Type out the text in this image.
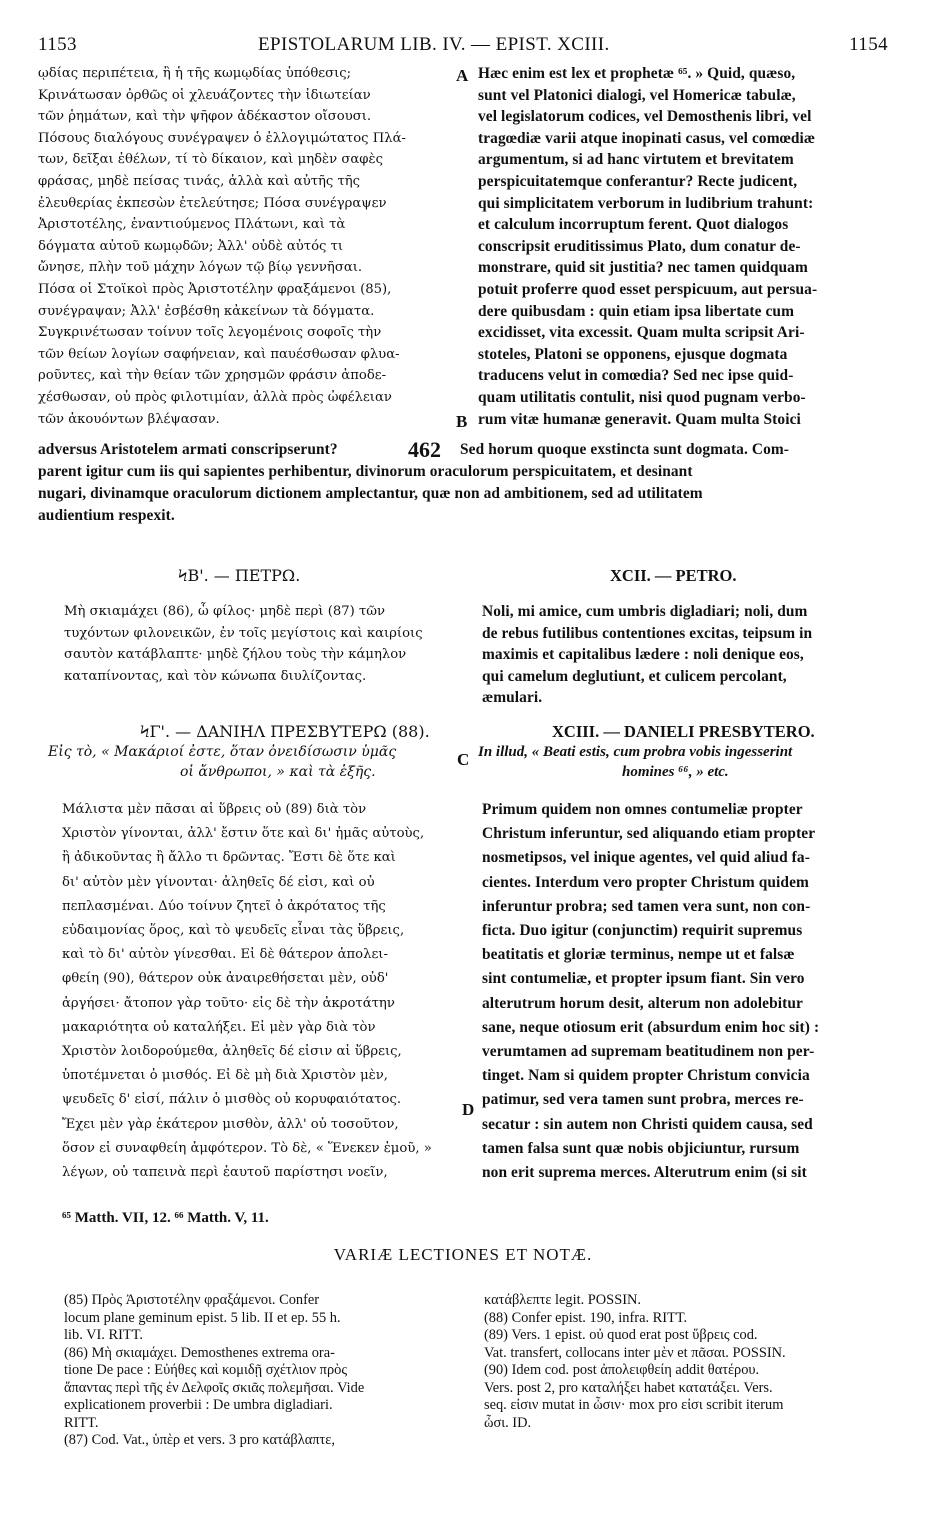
1153	EPISTOLARUM LIB. IV. — EPIST. XCIII.	1154
ῳδίας περιπέτεια, ἢ ἡ τῆς κωμῳδίας ὑπόθεσις;
Κρινάτωσαν ὀρθῶς οἱ χλευάζοντες τὴν ἰδιωτείαν
τῶν ῥημάτων, καὶ τὴν ψῆφον ἀδέκαστον οἴσουσι.
Πόσους διαλόγους συνέγραψεν ὁ ἐλλογιμώτατος Πλά-
των, δεῖξαι ἐθέλων, τί τὸ δίκαιον, καὶ μηδὲν σαφὲς
φράσας, μηδὲ πείσας τινάς, ἀλλὰ καὶ αὐτῆς τῆς
ἐλευθερίας ἐκπεσὼν ἐτελεύτησε; Πόσα συνέγραψεν
Ἀριστοτέλης, ἐναντιούμενος Πλάτωνι, καὶ τὰ
δόγματα αὐτοῦ κωμῳδῶν; Ἀλλ' οὐδὲ αὐτός τι
ὤνησε, πλὴν τοῦ μάχην λόγων τῷ βίῳ γεννῆσαι.
Πόσα οἱ Στοϊκοὶ πρὸς Ἀριστοτέλην φραξάμενοι (85),
συνέγραψαν; Ἀλλ' ἐσβέσθη κἀκείνων τὰ δόγματα.
Συγκρινέτωσαν τοίνυν τοῖς λεγομένοις σοφοῖς τὴν
τῶν θείων λογίων σαφήνειαν, καὶ παυέσθωσαν φλυα-
ροῦντες, καὶ τὴν θείαν τῶν χρησμῶν φράσιν ἀποδε-
χέσθωσαν, οὐ πρὸς φιλοτιμίαν, ἀλλὰ πρὸς ὠφέλειαν
τῶν ἀκουόντων βλέψασαν.
Hæc enim est lex et prophetæ ⁶⁵. » Quid, quæso,
sunt vel Platonici dialogi, vel Homericæ tabulæ,
vel legislatorum codices, vel Demosthenis libri, vel
tragœdiæ varii atque inopinati casus, vel comœdiæ
argumentum, si ad hanc virtutem et brevitatem
perspicuitatemque conferantur? Recte judicent,
qui simplicitatem verborum in ludibrium trahunt:
et calculum incorruptum ferent. Quot dialogos
conscripsit eruditissimus Plato, dum conatur de-
monstrare, quid sit justitia? nec tamen quidquam
potuit proferre quod esset perspicuum, aut persua-
dere quibusdam : quin etiam ipsa libertate cum
excidisset, vita excessit. Quam multa scripsit Ari-
stoteles, Platoni se opponens, ejusque dogmata
traducens velut in comœdia? Sed nec ipse quid-
quam utilitatis contulit, nisi quod pugnam verbo-
rum vitæ humanæ generavit. Quam multa Stoici
A
B
adversus Aristotelem armati conscripserunt?	462 Sed horum quoque exstincta sunt dogmata. Com-
parent igitur cum iis qui sapientes perhibentur, divinorum oraculorum perspicuitatem, et desinant
nugari, divinamque oraculorum dictionem amplectantur, quæ non ad ambitionem, sed ad utilitatem
audientium respexit.
ϞΒ'. — ΠΕΤΡΩ.	XCII. — PETRO.
Μὴ σκιαμάχει (86), ὦ φίλος· μηδὲ περὶ (87) τῶν
τυχόντων φιλονεικῶν, ἐν τοῖς μεγίστοις καὶ καιρίοις
σαυτὸν κατάβλαπτε· μηδὲ ζήλου τοὺς τὴν κάμηλον
καταπίνοντας, καὶ τὸν κώνωπα διυλίζοντας.
Noli, mi amice, cum umbris digladiari; noli, dum
de rebus futilibus contentiones excitas, teipsum in
maximis et capitalibus lædere : noli denique eos,
qui camelum deglutiunt, et culicem percolant,
æmulari.
ϞΓ'. — ΔΑΝΙΗΛ ΠΡΕΣΒΥΤΕΡΩ (88).	XCIII. — DANIELI PRESBYTERO.
Εἰς τὸ, « Μακάριοί ἐστε, ὅταν ὀνειδίσωσιν ὑμᾶς
οἱ ἄνθρωποι, » καὶ τὰ ἑξῆς.
C In illud, « Beati estis, cum probra vobis ingesserint
homines ⁶⁶, » etc.
Μάλιστα μὲν πᾶσαι αἱ ὕβρεις οὐ (89) διὰ τὸν
Χριστὸν γίνονται, ἀλλ' ἔστιν ὅτε καὶ δι' ἡμᾶς αὐτοὺς,
ἢ ἀδικοῦντας ἢ ἄλλο τι δρῶντας. Ἔστι δὲ ὅτε καὶ
δι' αὐτὸν μὲν γίνονται· ἀληθεῖς δέ εἰσι, καὶ οὐ
πεπλασμέναι. Δύο τοίνυν ζητεῖ ὁ ἀκρότατος τῆς
εὐδαιμονίας ὅρος, καὶ τὸ ψευδεῖς εἶναι τὰς ὕβρεις,
καὶ τὸ δι' αὐτὸν γίνεσθαι. Εἰ δὲ θάτερον ἀπολει-
φθείη (90), θάτερον οὐκ ἀναιρεθήσεται μὲν, οὐδ'
ἀργήσει· ἄτοπον γὰρ τοῦτο· εἰς δὲ τὴν ἀκροτάτην
μακαριότητα οὐ καταλήξει. Εἰ μὲν γὰρ διὰ τὸν
Χριστὸν λοιδορούμεθα, ἀληθεῖς δέ εἰσιν αἱ ὕβρεις,
ὑποτέμνεται ὁ μισθός. Εἰ δὲ μὴ διὰ Χριστὸν μὲν,
ψευδεῖς δ' εἰσί, πάλιν ὁ μισθὸς οὐ κορυφαιότατος.
Ἔχει μὲν γὰρ ἑκάτερον μισθὸν, ἀλλ' οὐ τοσοῦτον,
ὅσον εἰ συναφθείη ἀμφότερον. Τὸ δὲ, « Ἕνεκεν ἐμοῦ, »
λέγων, οὐ ταπεινὰ περὶ ἑαυτοῦ παρίστησι νοεῖν,
Primum quidem non omnes contumeliæ propter
Christum inferuntur, sed aliquando etiam propter
nosmetipsos, vel inique agentes, vel quid aliud fa-
cientes. Interdum vero propter Christum quidem
inferuntur probra; sed tamen vera sunt, non con-
ficta. Duo igitur (conjunctim) requirit supremus
beatitatis et gloriæ terminus, nempe ut et falsæ
sint contumeliæ, et propter ipsum fiant. Sin vero
alterutrum horum desit, alterum non adolebitur
sane, neque otiosum erit (absurdum enim hoc sit) :
verumtamen ad supremam beatitudinem non per-
tinget. Nam si quidem propter Christum convicia
patimur, sed vera tamen sunt probra, merces re-
secatur : sin autem non Christi quidem causa, sed
tamen falsa sunt quæ nobis objiciuntur, rursum
non erit suprema merces. Alterutrum enim (si sit
D
⁶⁵ Matth. VII, 12. ⁶⁶ Matth. V, 11.
VARIÆ LECTIONES ET NOTÆ.
(85) Πρὸς Ἀριστοτέλην φραξάμενοι. Confer
locum plane geminum epist. 5 lib. II et ep. 55 h.
lib. VI. RITT.
(86) Μὴ σκιαμάχει. Demosthenes extrema ora-
tione De pace : Εὐήθες καὶ κομιδῇ σχέτλιον πρὸς
ἅπαντας περὶ τῆς ἐν Δελφοῖς σκιᾶς πολεμῆσαι. Vide
explicationem proverbii : De umbra digladiari.
RITT.
(87) Cod. Vat., ὑπὲρ et vers. 3 pro κατάβλαπτε,
κατάβλεπτε legit. POSSIN.
(88) Confer epist. 190, infra. RITT.
(89) Vers. 1 epist. οὐ quod erat post ὕβρεις cod.
Vat. transfert, collocans inter μὲν et πᾶσαι. POSSIN.
(90) Idem cod. post ἀπολειφθείη addit θατέρου.
Vers. post 2, pro καταλήξει habet κατατάξει. Vers.
seq. εἰσιν mutat in ὦσιν· mox pro εἰσι scribit iterum
ὦσι. ID.
